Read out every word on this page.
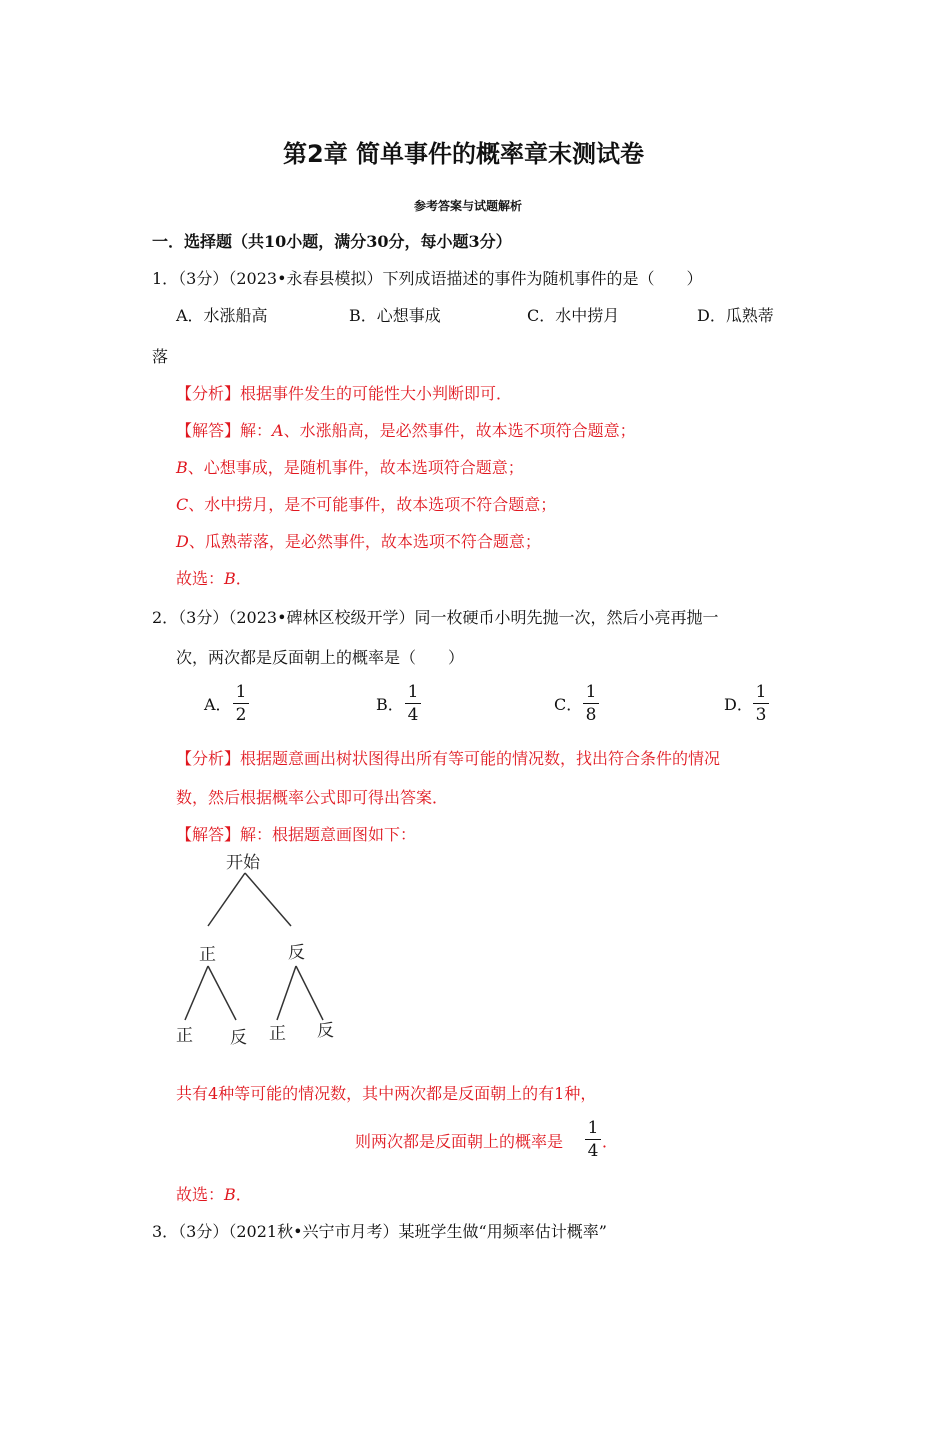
第2章 简单事件的概率章末测试卷
参考答案与试题解析
一．选择题（共10小题，满分30分，每小题3分）
1．（3分）（2023•永春县模拟）下列成语描述的事件为随机事件的是（　　）
A．水涨船高	B．心想事成	C．水中捞月	D．瓜熟蒂
落
【分析】根据事件发生的可能性大小判断即可．
【解答】解：A、水涨船高，是必然事件，故本选不项符合题意；
B、心想事成，是随机事件，故本选项符合题意；
C、水中捞月，是不可能事件，故本选项不符合题意；
D、瓜熟蒂落，是必然事件，故本选项不符合题意；
故选：B．
2．（3分）（2023•碑林区校级开学）同一枚硬币小明先抛一次，然后小亮再抛一
次，两次都是反面朝上的概率是（　　）
A．
1
2
B．
1
4
C．
1
8
D．
1
3
【分析】根据题意画出树状图得出所有等可能的情况数，找出符合条件的情况
数，然后根据概率公式即可得出答案．
【解答】解：根据题意画图如下：
开始
正	反
正 反 正 反
共有4种等可能的情况数，其中两次都是反面朝上的有1种，
则两次都是反面朝上的概率是
1
4 ．
故选：B．
3．（3分）（2021秋•兴宁市月考）某班学生做“用频率估计概率”
